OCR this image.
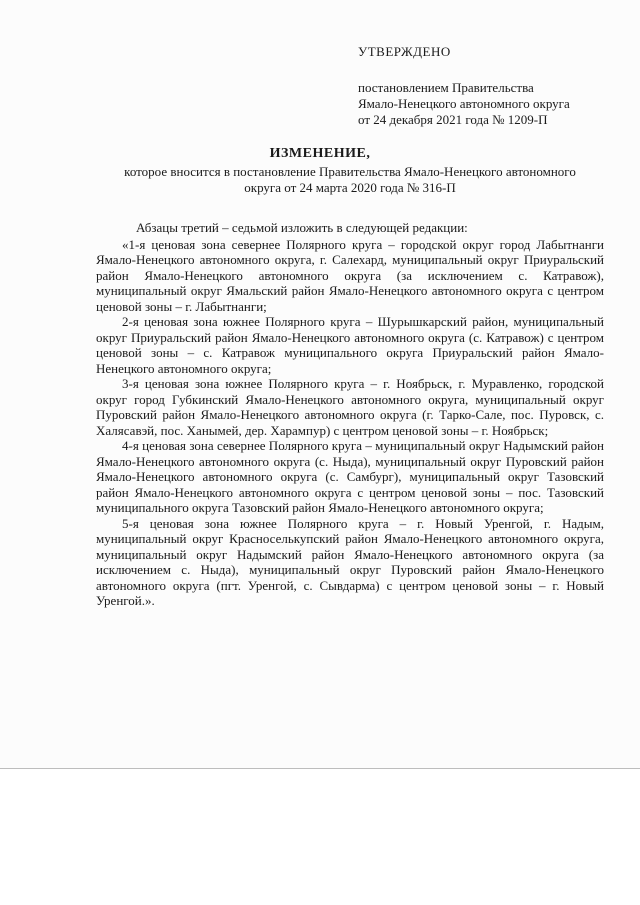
УТВЕРЖДЕНО
постановлением Правительства
Ямало-Ненецкого автономного округа
от 24 декабря 2021 года № 1209-П
ИЗМЕНЕНИЕ,
которое вносится в постановление Правительства Ямало-Ненецкого автономного округа от 24 марта 2020 года № 316-П

Абзацы третий – седьмой изложить в следующей редакции:

«1-я ценовая зона севернее Полярного круга – городской округ город Лабытнанги Ямало-Ненецкого автономного округа, г. Салехард, муниципальный округ Приуральский район Ямало-Ненецкого автономного округа (за исключением с. Катравож), муниципальный округ Ямальский район Ямало-Ненецкого автономного округа с центром ценовой зоны – г. Лабытнанги;

2-я ценовая зона южнее Полярного круга – Шурышкарский район, муниципальный округ Приуральский район Ямало-Ненецкого автономного округа (с. Катравож) с центром ценовой зоны – с. Катравож муниципального округа Приуральский район Ямало-Ненецкого автономного округа;

3-я ценовая зона южнее Полярного круга – г. Ноябрьск, г. Муравленко, городской округ город Губкинский Ямало-Ненецкого автономного округа, муниципальный округ Пуровский район Ямало-Ненецкого автономного округа (г. Тарко-Сале, пос. Пуровск, с. Халясавэй, пос. Ханымей, дер. Харампур) с центром ценовой зоны – г. Ноябрьск;

4-я ценовая зона севернее Полярного круга – муниципальный округ Надымский район Ямало-Ненецкого автономного округа (с. Ныда), муниципальный округ Пуровский район Ямало-Ненецкого автономного округа (с. Самбург), муниципальный округ Тазовский район Ямало-Ненецкого автономного округа с центром ценовой зоны – пос. Тазовский муниципального округа Тазовский район Ямало-Ненецкого автономного округа;

5-я ценовая зона южнее Полярного круга – г. Новый Уренгой, г. Надым, муниципальный округ Красноселькупский район Ямало-Ненецкого автономного округа, муниципальный округ Надымский район Ямало-Ненецкого автономного округа (за исключением с. Ныда), муниципальный округ Пуровский район Ямало-Ненецкого автономного округа (пгт. Уренгой, с. Сывдарма) с центром ценовой зоны – г. Новый Уренгой.».
